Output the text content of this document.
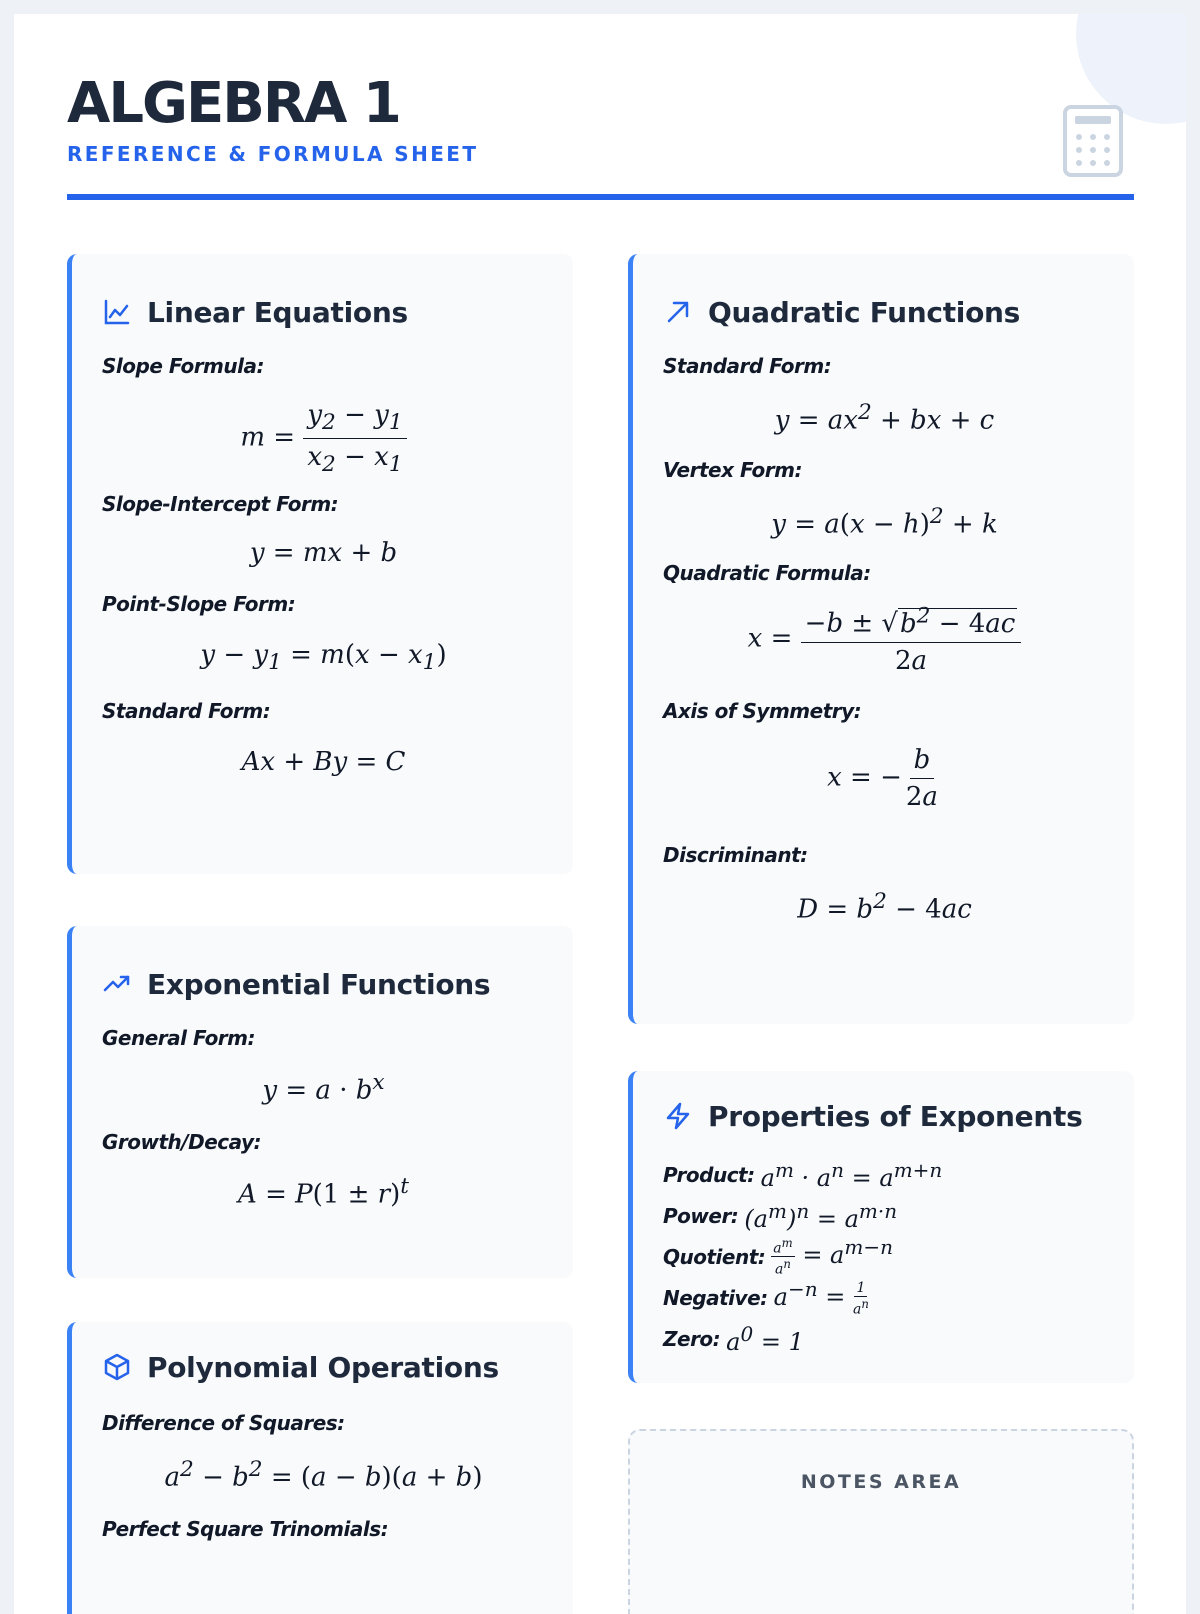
ALGEBRA 1
REFERENCE & FORMULA SHEET
Linear Equations
Slope Formula:
$m = \frac{y_2 - y_1}{x_2 - x_1}$
Slope-Intercept Form:
y = mx + b
Point-Slope Form:
$y - y_1 = m(x - x_1)$
Standard Form:
Ax + By = C
Exponential Functions
General Form:
$y = a \cdot b^x$
Growth/Decay:
$A = P(1 \pm r)^t$
Polynomial Operations
Difference of Squares:
$a^2 - b^2 = (a - b)(a + b)$
Perfect Square Trinomials:
Quadratic Functions
Standard Form:
$y = ax^2$ + bx + c
Vertex Form:
$y = a(x - h)^2 + k$
Quadratic Formula:
$x = \frac{-b \pm √b^2 - 4ac}{2a}$
Axis of Symmetry:
x = − $\frac{b}{2a}$
Discriminant:
$D = b^2 - 4ac$
Properties of Exponents
Product: $a^m \cdot a^n = a^{m+n}$
Power: $(a^m)^n = a^{m\cdot n}$
Quotient: $\frac{a^m}{a^n} = a^{m-n}$
Negative: $a^{-n} = \frac{1}{a^n}$
Zero: $a^0 = 1$
NOTES AREA
